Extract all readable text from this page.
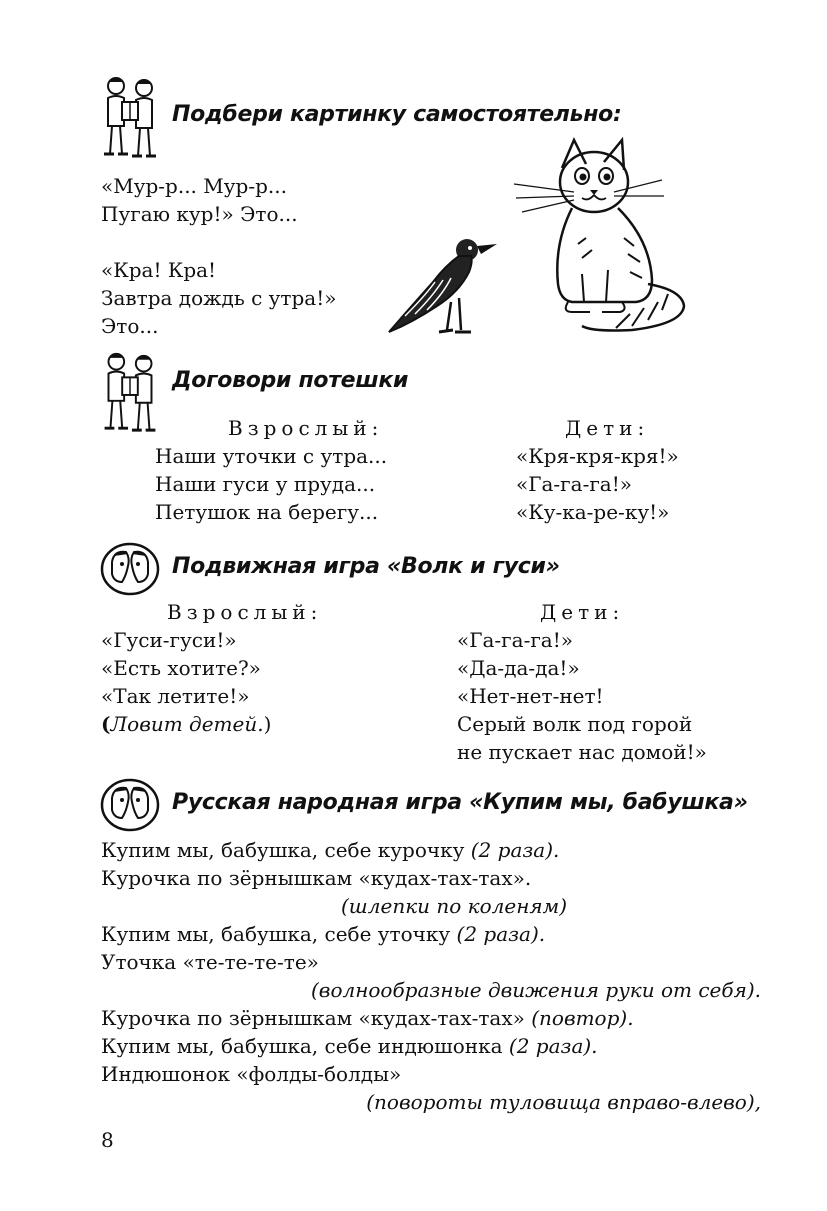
Подбери картинку самостоятельно:
«Мур-р... Мур-р...
Пугаю кур!» Это...
«Кра! Кра!
Завтра дождь с утра!»
Это...
Договори потешки
Взрослый:	Дети:
Наши уточки с утра...
Наши гуси у пруда...
Петушок на берегу...
«Кря-кря-кря!»
«Га-га-га!»
«Ку-ка-ре-ку!»
Подвижная игра «Волк и гуси»
Взрослый:	Дети:
«Гуси-гуси!»
«Есть хотите?»
«Так летите!»
(Ловит детей.)
«Га-га-га!»
«Да-да-да!»
«Нет-нет-нет!
Серый волк под горой
не пускает нас домой!»
Русская народная игра «Купим мы, бабушка»
Купим мы, бабушка, себе курочку (2 раза).
Курочка по зёрнышкам «кудах-тах-тах».
(шлепки по коленям)
Купим мы, бабушка, себе уточку (2 раза).
Уточка «те-те-те-те»
(волнообразные движения руки от себя).
Курочка по зёрнышкам «кудах-тах-тах» (повтор).
Купим мы, бабушка, себе индюшонка (2 раза).
Индюшонок «фолды-болды»
(повороты туловища вправо-влево),
8
